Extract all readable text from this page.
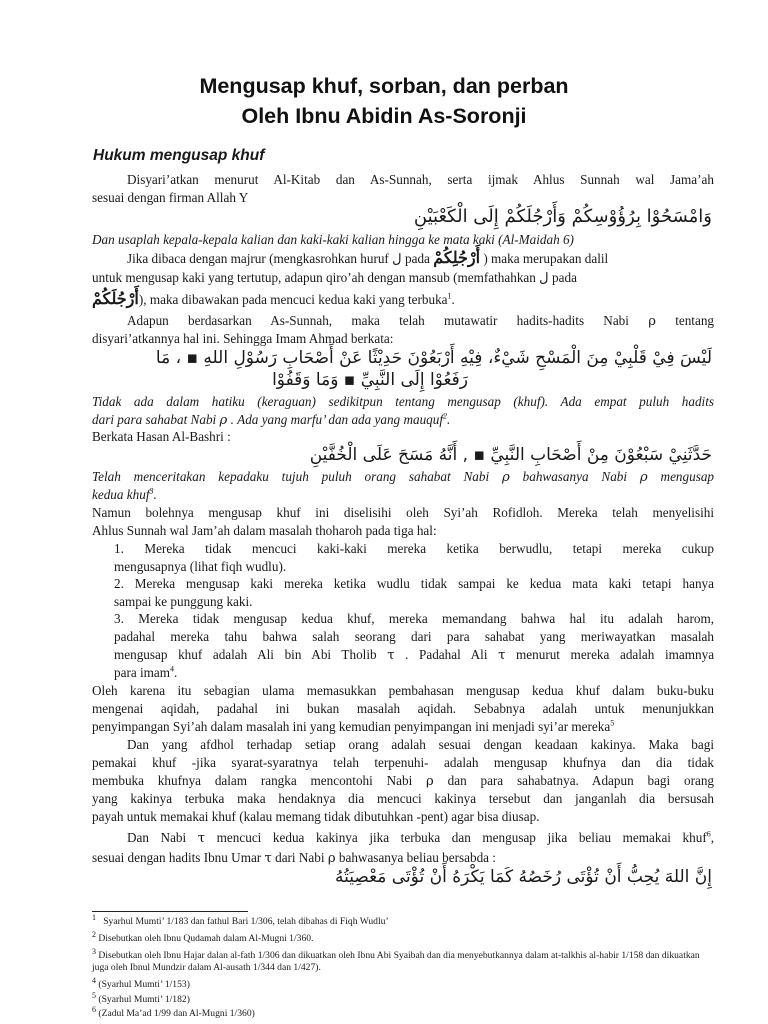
Mengusap khuf, sorban, dan perban
Oleh Ibnu Abidin As-Soronji
Hukum mengusap khuf
Disyari’atkan menurut Al-Kitab dan As-Sunnah, serta ijmak Ahlus Sunnah wal Jama’ah
sesuai dengan firman Allah Y
وَامْسَحُوْا بِرُؤُوْسِكُمْ وَأَرْجُلَكُمْ إِلَى الْكَعْبَيْنِ
Dan usaplah kepala-kepala kalian dan kaki-kaki kalian hingga ke mata kaki (Al-Maidah 6)
Jika dibaca dengan majrur (mengkasrohkan huruf ل pada أَرْجُلِكُمْ ) maka merupakan dalil
untuk mengusap kaki yang tertutup, adapun qiro’ah dengan mansub (memfathahkan ل pada
أَرْجُلَكُمْ), maka dibawakan pada mencuci kedua kaki yang terbuka$^1$.
Adapun berdasarkan As-Sunnah, maka telah mutawatir hadits-hadits Nabi ρ tentang
disyari’atkannya hal ini. Sehingga Imam Ahmad berkata:
لَيْسَ فِيْ قَلْبِيْ مِنَ الْمَسْحِ شَيْءٌ، فِيْهِ أَرْبَعُوْنَ حَدِيْثًا عَنْ أَصْحَابِ رَسُوْلِ اللهِ ▪ ، مَا
رَفَعُوْا إِلَى النَّبِيِّ ▪ وَمَا وَقَفُوْا
Tidak ada dalam hatiku (keraguan) sedikitpun tentang mengusap (khuf). Ada empat puluh hadits
dari para sahabat Nabi ρ . Ada yang marfu’ dan ada yang mauquf$^2$.
Berkata Hasan Al-Bashri :
حَدَّثَنِيْ سَبْعُوْنَ مِنْ أَصْحَابِ النَّبِيِّ ▪ , أَنَّهُ مَسَحَ عَلَى الْخُفَّيْنِ
Telah menceritakan kepadaku tujuh puluh orang sahabat Nabi ρ bahwasanya Nabi ρ mengusap
kedua khuf$^3$.
Namun bolehnya mengusap khuf ini diselisihi oleh Syi’ah Rofidloh. Mereka telah menyelisihi
Ahlus Sunnah wal Jam’ah dalam masalah thoharoh pada tiga hal:
1. Mereka tidak mencuci kaki-kaki mereka ketika berwudlu, tetapi mereka cukup
mengusapnya (lihat fiqh wudlu).
2. Mereka mengusap kaki mereka ketika wudlu tidak sampai ke kedua mata kaki tetapi hanya
sampai ke punggung kaki.
3. Mereka tidak mengusap kedua khuf, mereka memandang bahwa hal itu adalah harom,
padahal mereka tahu bahwa salah seorang dari para sahabat yang meriwayatkan masalah
mengusap khuf adalah Ali bin Abi Tholib τ . Padahal Ali τ menurut mereka adalah imamnya
para imam$^4$.
Oleh karena itu sebagian ulama memasukkan pembahasan mengusap kedua khuf dalam buku-buku
mengenai aqidah, padahal ini bukan masalah aqidah. Sebabnya adalah untuk menunjukkan
penyimpangan Syi’ah dalam masalah ini yang kemudian penyimpangan ini menjadi syi’ar mereka$^5$
Dan yang afdhol terhadap setiap orang adalah sesuai dengan keadaan kakinya. Maka bagi
pemakai khuf -jika syarat-syaratnya telah terpenuhi- adalah mengusap khufnya dan dia tidak
membuka khufnya dalam rangka mencontohi Nabi ρ dan para sahabatnya. Adapun bagi orang
yang kakinya terbuka maka hendaknya dia mencuci kakinya tersebut dan janganlah dia bersusah
payah untuk memakai khuf (kalau memang tidak dibutuhkan -pent) agar bisa diusap.
Dan Nabi τ mencuci kedua kakinya jika terbuka dan mengusap jika beliau memakai khuf$^6$,
sesuai dengan hadits Ibnu Umar τ dari Nabi ρ bahwasanya beliau bersabda :
إِنَّ اللهَ يُحِبُّ أَنْ تُؤْتَى رُخَصُهُ كَمَا يَكْرَهُ أَنْ تُؤْتَى مَعْصِيَتُهُ
$^1$ Syarhul Mumti’ 1/183 dan fathul Bari 1/306, telah dibahas di Fiqh Wudlu’
$^2$ Disebutkan oleh Ibnu Qudamah dalam Al-Mugni 1/360.
$^3$ Disebutkan oleh Ibnu Hajar dalan al-fath 1/306 dan dikuatkan oleh Ibnu Abi Syaibah dan dia menyebutkannya dalam at-talkhis al-habir 1/158 dan dikuatkan juga oleh Ibnul Mundzir dalam Al-ausath 1/344 dan 1/427).
$^4$ (Syarhul Mumti’ 1/153)
$^5$ (Syarhul Mumti’ 1/182)
$^6$ (Zadul Ma’ad 1/99 dan Al-Mugni 1/360)
